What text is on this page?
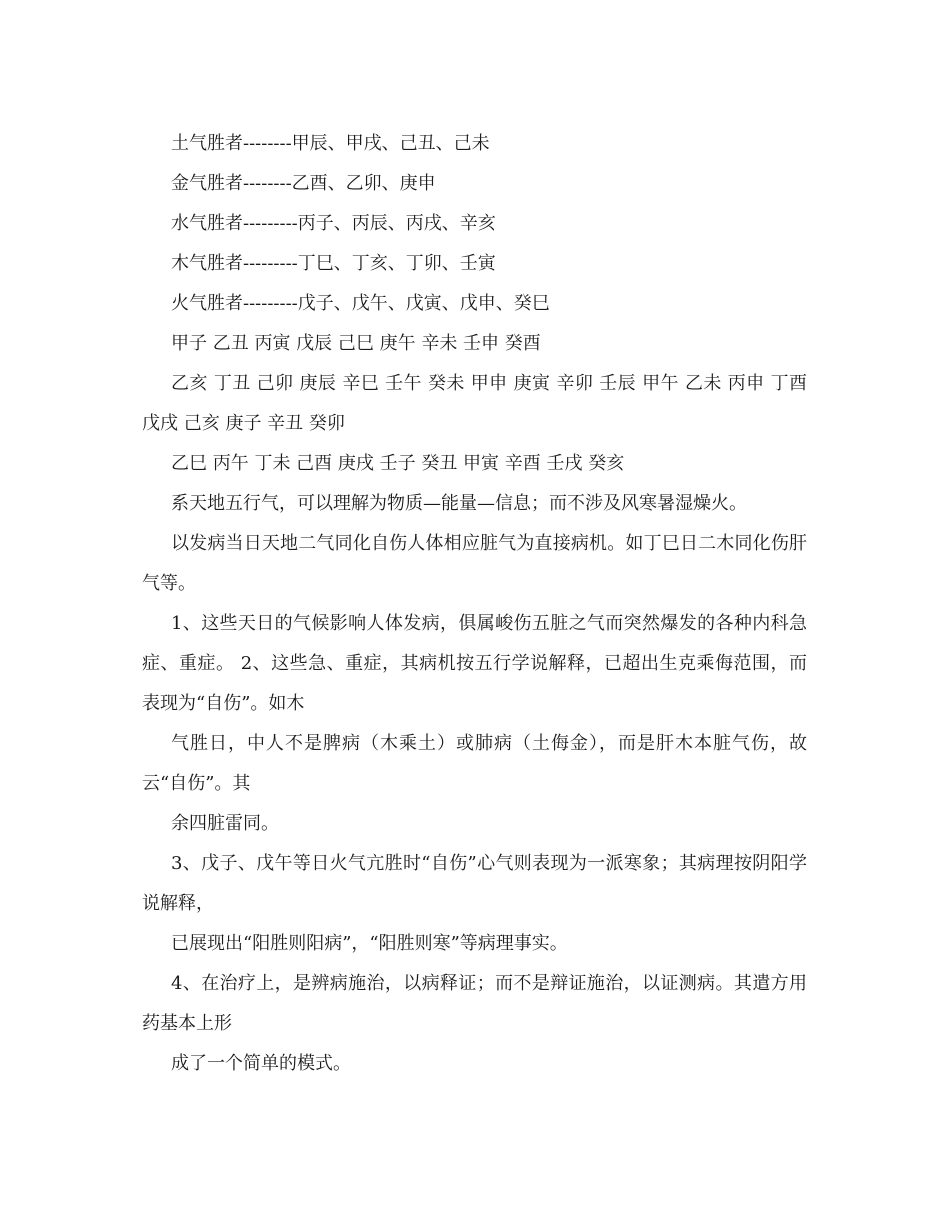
土气胜者--------甲辰、甲戌、己丑、己未

金气胜者--------乙酉、乙卯、庚申

水气胜者---------丙子、丙辰、丙戌、辛亥

木气胜者---------丁巳、丁亥、丁卯、壬寅

火气胜者---------戊子、戊午、戊寅、戊申、癸巳

甲子 乙丑 丙寅 戊辰 己巳 庚午 辛未 壬申 癸酉

乙亥 丁丑 己卯 庚辰 辛巳 壬午 癸未 甲申 庚寅 辛卯 壬辰 甲午 乙未 丙申 丁酉 戊戌 己亥 庚子 辛丑 癸卯

乙巳 丙午 丁未 己酉 庚戌 壬子 癸丑 甲寅 辛酉 壬戌 癸亥

系天地五行气，可以理解为物质—能量—信息；而不涉及风寒暑湿燥火。

以发病当日天地二气同化自伤人体相应脏气为直接病机。如丁巳日二木同化伤肝气等。

1、这些天日的气候影响人体发病，俱属峻伤五脏之气而突然爆发的各种内科急症、重症。 2、这些急、重症，其病机按五行学说解释，已超出生克乘侮范围，而表现为“自伤”。如木

气胜日，中人不是脾病（木乘土）或肺病（土侮金），而是肝木本脏气伤，故云“自伤”。其

余四脏雷同。

3、戊子、戊午等日火气亢胜时“自伤”心气则表现为一派寒象；其病理按阴阳学说解释，

已展现出“阳胜则阳病”，“阳胜则寒”等病理事实。

4、在治疗上，是辨病施治，以病释证；而不是辩证施治，以证测病。其遣方用药基本上形

成了一个简单的模式。
